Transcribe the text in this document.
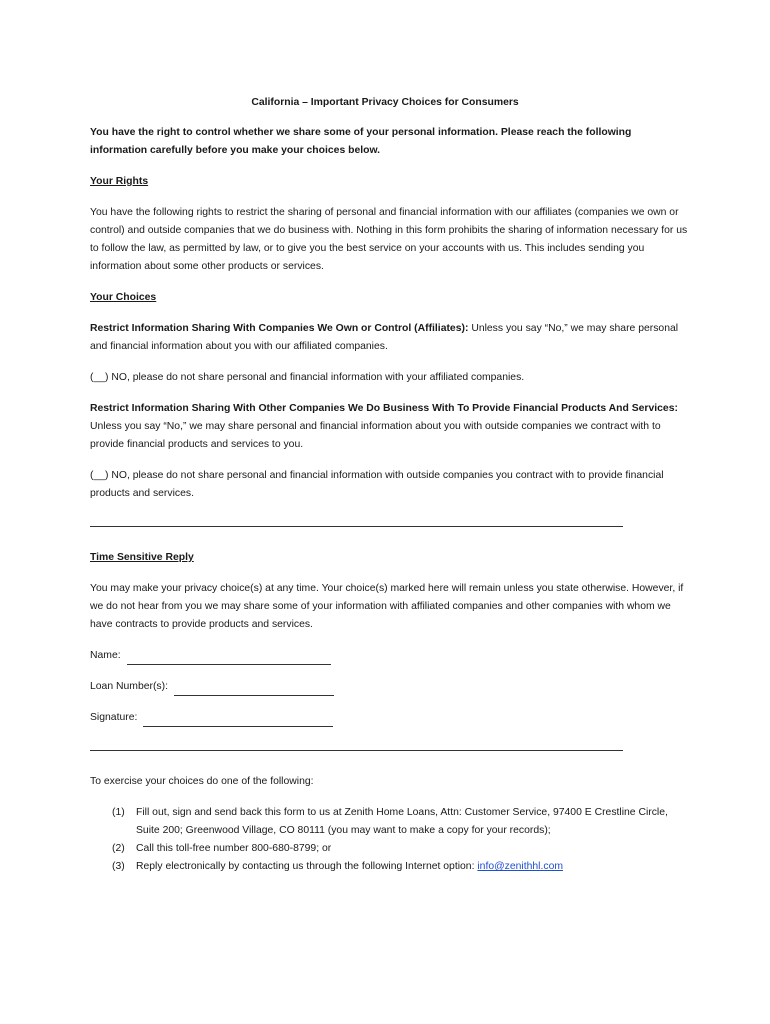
California – Important Privacy Choices for Consumers

You have the right to control whether we share some of your personal information. Please reach the following information carefully before you make your choices below.

Your Rights

You have the following rights to restrict the sharing of personal and financial information with our affiliates (companies we own or control) and outside companies that we do business with. Nothing in this form prohibits the sharing of information necessary for us to follow the law, as permitted by law, or to give you the best service on your accounts with us. This includes sending you information about some other products or services.

Your Choices

Restrict Information Sharing With Companies We Own or Control (Affiliates): Unless you say “No,” we may share personal and financial information about you with our affiliated companies.

(__) NO, please do not share personal and financial information with your affiliated companies.

Restrict Information Sharing With Other Companies We Do Business With To Provide Financial Products And Services: Unless you say “No,” we may share personal and financial information about you with outside companies we contract with to provide financial products and services to you.

(__) NO, please do not share personal and financial information with outside companies you contract with to provide financial products and services.

Time Sensitive Reply

You may make your privacy choice(s) at any time. Your choice(s) marked here will remain unless you state otherwise. However, if we do not hear from you we may share some of your information with affiliated companies and other companies with whom we have contracts to provide products and services.

Name:
Loan Number(s):
Signature:

To exercise your choices do one of the following:

(1) Fill out, sign and send back this form to us at Zenith Home Loans, Attn: Customer Service, 97400 E Crestline Circle, Suite 200; Greenwood Village, CO 80111 (you may want to make a copy for your records);
(2) Call this toll-free number 800-680-8799; or
(3) Reply electronically by contacting us through the following Internet option: info@zenithhl.com
